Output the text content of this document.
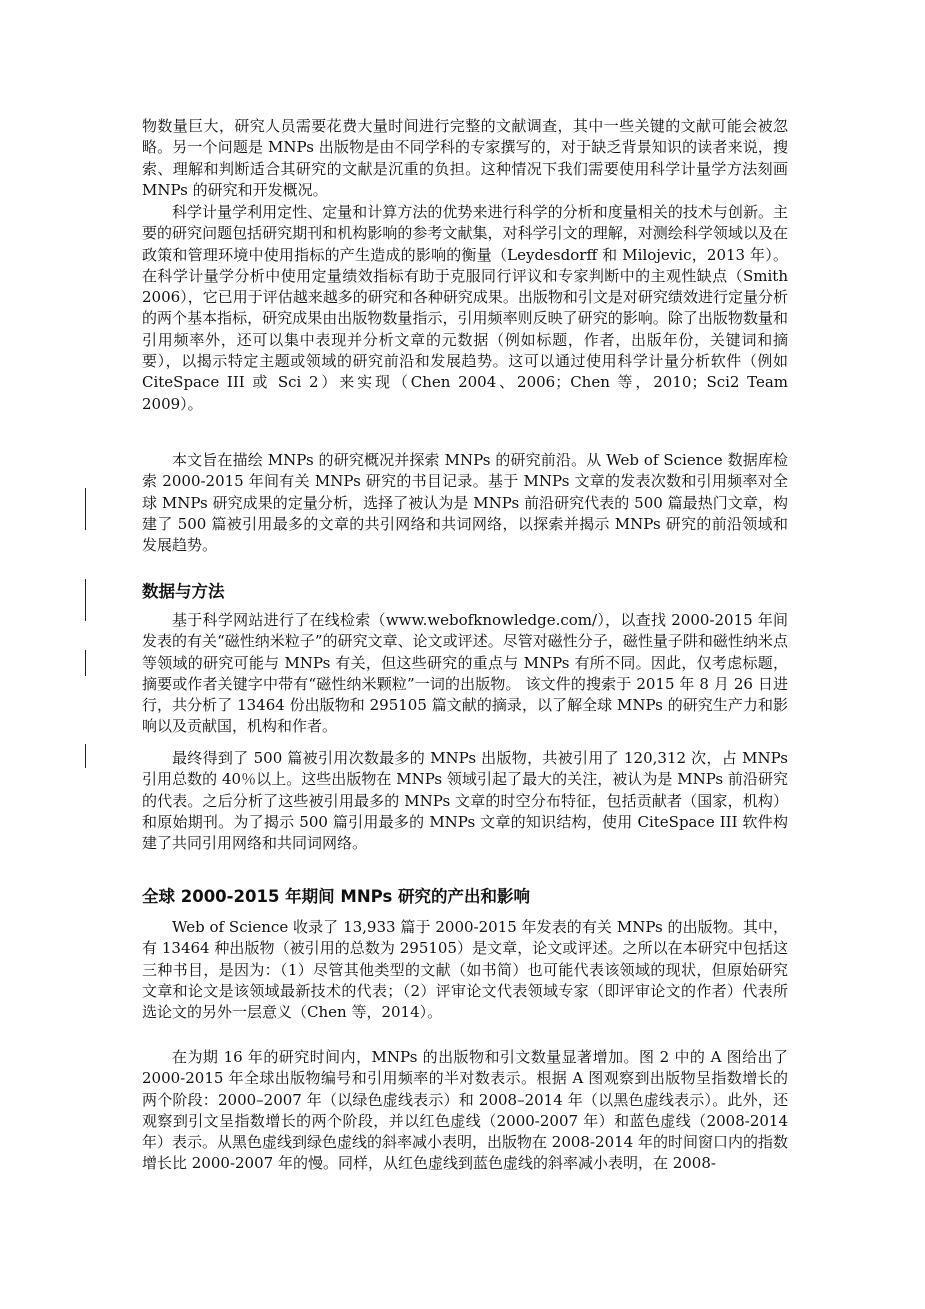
物数量巨大，研究人员需要花费大量时间进行完整的文献调查，其中一些关键的文献可能会被忽略。另一个问题是 MNPs 出版物是由不同学科的专家撰写的，对于缺乏背景知识的读者来说，搜索、理解和判断适合其研究的文献是沉重的负担。这种情况下我们需要使用科学计量学方法刻画 MNPs 的研究和开发概况。

科学计量学利用定性、定量和计算方法的优势来进行科学的分析和度量相关的技术与创新。主要的研究问题包括研究期刊和机构影响的参考文献集，对科学引文的理解，对测绘科学领域以及在政策和管理环境中使用指标的产生造成的影响的衡量（Leydesdorff 和 Milojevic，2013 年）。在科学计量学分析中使用定量绩效指标有助于克服同行评议和专家判断中的主观性缺点（Smith 2006），它已用于评估越来越多的研究和各种研究成果。出版物和引文是对研究绩效进行定量分析的两个基本指标，研究成果由出版物数量指示，引用频率则反映了研究的影响。除了出版物数量和引用频率外，还可以集中表现并分析文章的元数据（例如标题，作者，出版年份，关键词和摘要），以揭示特定主题或领域的研究前沿和发展趋势。这可以通过使用科学计量分析软件（例如 CiteSpace III 或 Sci 2）来实现（Chen 2004、2006；Chen 等，2010；Sci2 Team 2009）。

本文旨在描绘 MNPs 的研究概况并探索 MNPs 的研究前沿。从 Web of Science 数据库检索 2000-2015 年间有关 MNPs 研究的书目记录。基于 MNPs 文章的发表次数和引用频率对全球 MNPs 研究成果的定量分析，选择了被认为是 MNPs 前沿研究代表的 500 篇最热门文章，构建了 500 篇被引用最多的文章的共引网络和共词网络，以探索并揭示 MNPs 研究的前沿领域和发展趋势。

数据与方法

基于科学网站进行了在线检索（www.webofknowledge.com/），以查找 2000-2015 年间发表的有关“磁性纳米粒子”的研究文章、论文或评述。尽管对磁性分子，磁性量子阱和磁性纳米点等领域的研究可能与 MNPs 有关，但这些研究的重点与 MNPs 有所不同。因此，仅考虑标题，摘要或作者关键字中带有“磁性纳米颗粒”一词的出版物。 该文件的搜索于 2015 年 8 月 26 日进行，共分析了 13464 份出版物和 295105 篇文献的摘录，以了解全球 MNPs 的研究生产力和影响以及贡献国，机构和作者。

最终得到了 500 篇被引用次数最多的 MNPs 出版物，共被引用了 120,312 次，占 MNPs 引用总数的 40％以上。这些出版物在 MNPs 领域引起了最大的关注，被认为是 MNPs 前沿研究的代表。之后分析了这些被引用最多的 MNPs 文章的时空分布特征，包括贡献者（国家，机构）和原始期刊。为了揭示 500 篇引用最多的 MNPs 文章的知识结构，使用 CiteSpace III 软件构建了共同引用网络和共同词网络。

全球 2000-2015 年期间 MNPs 研究的产出和影响

Web of Science 收录了 13,933 篇于 2000-2015 年发表的有关 MNPs 的出版物。其中，有 13464 种出版物（被引用的总数为 295105）是文章，论文或评述。之所以在本研究中包括这三种书目，是因为：（1）尽管其他类型的文献（如书简）也可能代表该领域的现状，但原始研究文章和论文是该领域最新技术的代表；（2）评审论文代表领域专家（即评审论文的作者）代表所选论文的另外一层意义（Chen 等，2014）。

在为期 16 年的研究时间内，MNPs 的出版物和引文数量显著增加。图 2 中的 A 图给出了 2000-2015 年全球出版物编号和引用频率的半对数表示。根据 A 图观察到出版物呈指数增长的两个阶段：2000–2007 年（以绿色虚线表示）和 2008–2014 年（以黑色虚线表示）。此外，还观察到引文呈指数增长的两个阶段，并以红色虚线（2000-2007 年）和蓝色虚线（2008-2014 年）表示。从黑色虚线到绿色虚线的斜率减小表明，出版物在 2008-2014 年的时间窗口内的指数增长比 2000-2007 年的慢。同样，从红色虚线到蓝色虚线的斜率减小表明，在 2008-
